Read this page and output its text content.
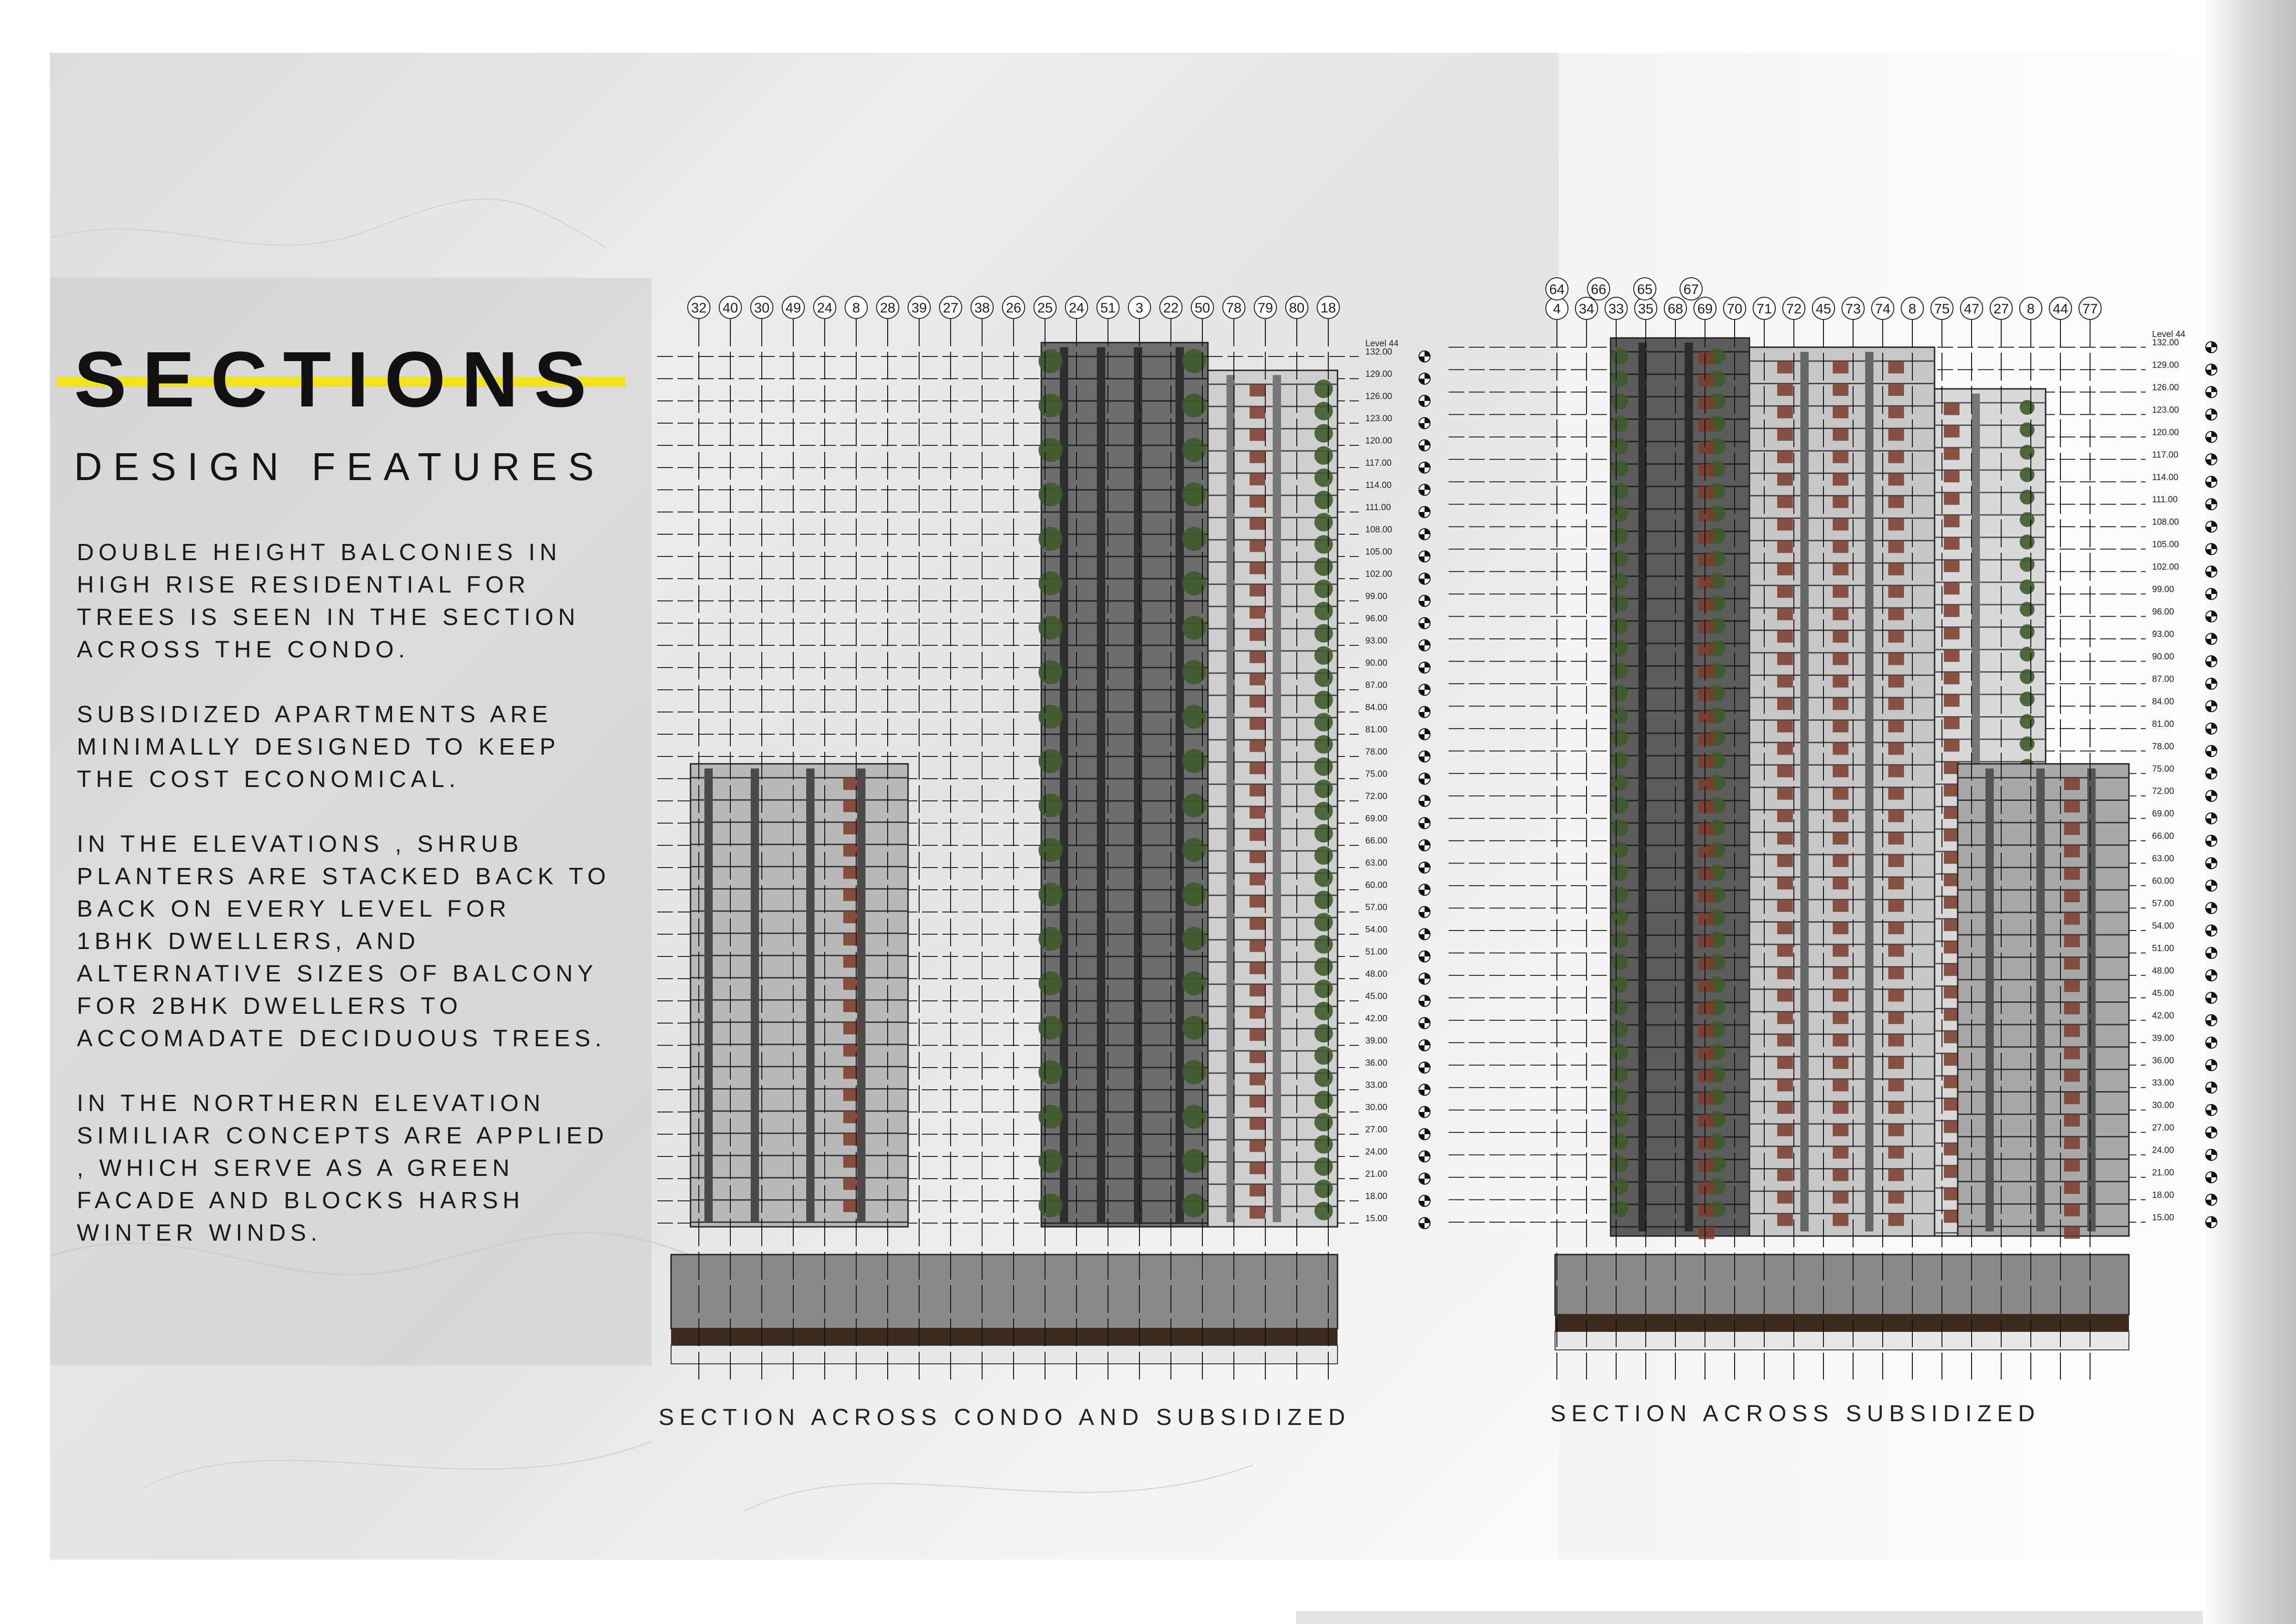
SECTIONS
DESIGN FEATURES

DOUBLE HEIGHT BALCONIES IN
HIGH RISE RESIDENTIAL FOR
TREES IS SEEN IN THE SECTION
ACROSS THE CONDO.

SUBSIDIZED APARTMENTS ARE
MINIMALLY DESIGNED TO KEEP
THE COST ECONOMICAL.

IN THE ELEVATIONS , SHRUB
PLANTERS ARE STACKED BACK TO
BACK ON EVERY LEVEL FOR
1BHK DWELLERS, AND
ALTERNATIVE SIZES OF BALCONY
FOR 2BHK DWELLERS TO
ACCOMADATE DECIDUOUS TREES.

IN THE NORTHERN ELEVATION
SIMILIAR CONCEPTS ARE APPLIED
, WHICH SERVE AS A GREEN
FACADE AND BLOCKS HARSH
WINTER WINDS.

132.00
129.00
126.00
123.00
120.00
117.00
114.00
111.00
108.00
105.00
102.00
99.00
96.00
93.00
90.00
87.00
84.00
81.00
78.00
75.00
72.00
69.00
66.00
63.00
60.00
57.00
54.00
51.00
48.00
45.00
42.00
39.00
36.00
33.00
30.00
27.00
24.00
21.00
18.00
15.00
Level 44
32 40 30 49 24 8 28 39 27 38 26 25 24 51 3 22 50 78 79 80 18

SECTION ACROSS CONDO AND SUBSIDIZED

132.00
129.00
126.00
123.00
120.00
117.00
114.00
111.00
108.00
105.00
102.00
99.00
96.00
93.00
90.00
87.00
84.00
81.00
78.00
75.00
72.00
69.00
66.00
63.00
60.00
57.00
54.00
51.00
48.00
45.00
42.00
39.00
36.00
33.00
30.00
27.00
24.00
21.00
18.00
15.00
Level 44
4 34 33 35 68 69 70 71 72 45 73 74 8 75 47 27 8 44 77
64 66 65 67

SECTION ACROSS SUBSIDIZED
